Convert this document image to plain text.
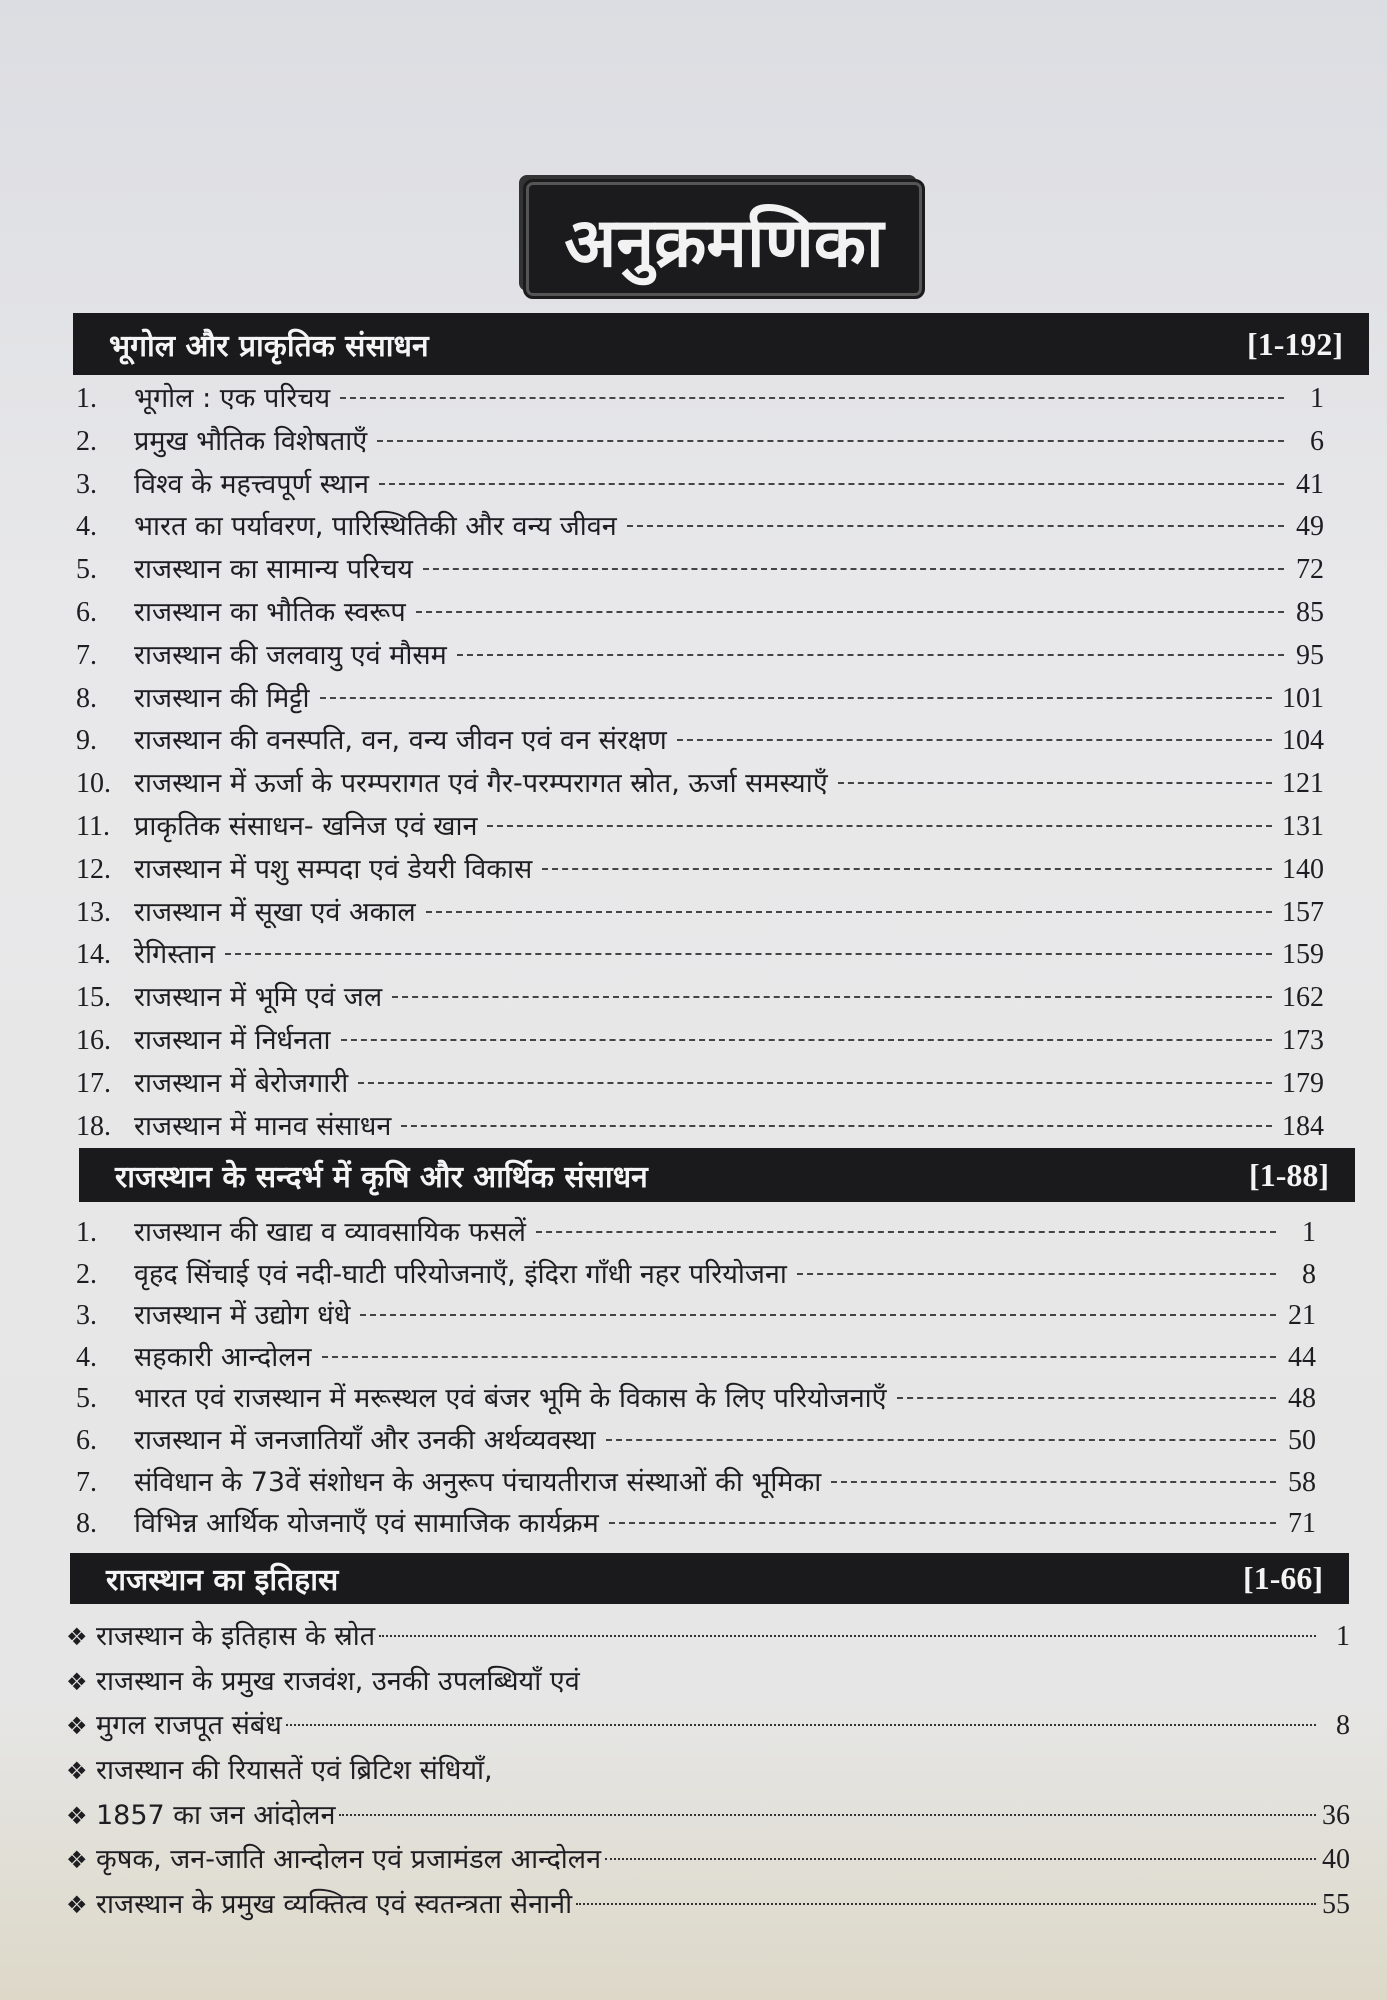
अनुक्रमणिका
भूगोल और प्राकृतिक संसाधन	[1-192]
1.	भूगोल : एक परिचय	1
2.	प्रमुख भौतिक विशेषताएँ	6
3.	विश्व के महत्त्वपूर्ण स्थान	41
4.	भारत का पर्यावरण, पारिस्थितिकी और वन्य जीवन	49
5.	राजस्थान का सामान्य परिचय	72
6.	राजस्थान का भौतिक स्वरूप	85
7.	राजस्थान की जलवायु एवं मौसम	95
8.	राजस्थान की मिट्टी	101
9.	राजस्थान की वनस्पति, वन, वन्य जीवन एवं वन संरक्षण	104
10. राजस्थान में ऊर्जा के परम्परागत एवं गैर-परम्परागत स्रोत, ऊर्जा समस्याएँ	121
11. प्राकृतिक संसाधन- खनिज एवं खान	131
12. राजस्थान में पशु सम्पदा एवं डेयरी विकास	140
13. राजस्थान में सूखा एवं अकाल	157
14. रेगिस्तान	159
15. राजस्थान में भूमि एवं जल	162
16. राजस्थान में निर्धनता	173
17. राजस्थान में बेरोजगारी	179
18. राजस्थान में मानव संसाधन	184
राजस्थान के सन्दर्भ में कृषि और आर्थिक संसाधन	[1-88]
1.	राजस्थान की खाद्य व व्यावसायिक फसलें	1
2.	वृहद सिंचाई एवं नदी-घाटी परियोजनाएँ, इंदिरा गाँधी नहर परियोजना	8
3.	राजस्थान में उद्योग धंधे	21
4.	सहकारी आन्दोलन	44
5.	भारत एवं राजस्थान में मरूस्थल एवं बंजर भूमि के विकास के लिए परियोजनाएँ	48
6.	राजस्थान में जनजातियाँ और उनकी अर्थव्यवस्था	50
7.	संविधान के 73वें संशोधन के अनुरूप पंचायतीराज संस्थाओं की भूमिका	58
8.	विभिन्न आर्थिक योजनाएँ एवं सामाजिक कार्यक्रम	71
राजस्थान का इतिहास	[1-66]
❖ राजस्थान के इतिहास के स्रोत	1
❖ राजस्थान के प्रमुख राजवंश, उनकी उपलब्धियाँ एवं
❖ मुगल राजपूत संबंध	8
❖ राजस्थान की रियासतें एवं ब्रिटिश संधियाँ,
❖ 1857 का जन आंदोलन	36
❖ कृषक, जन-जाति आन्दोलन एवं प्रजामंडल आन्दोलन	40
❖ राजस्थान के प्रमुख व्यक्तित्व एवं स्वतन्त्रता सेनानी	55
